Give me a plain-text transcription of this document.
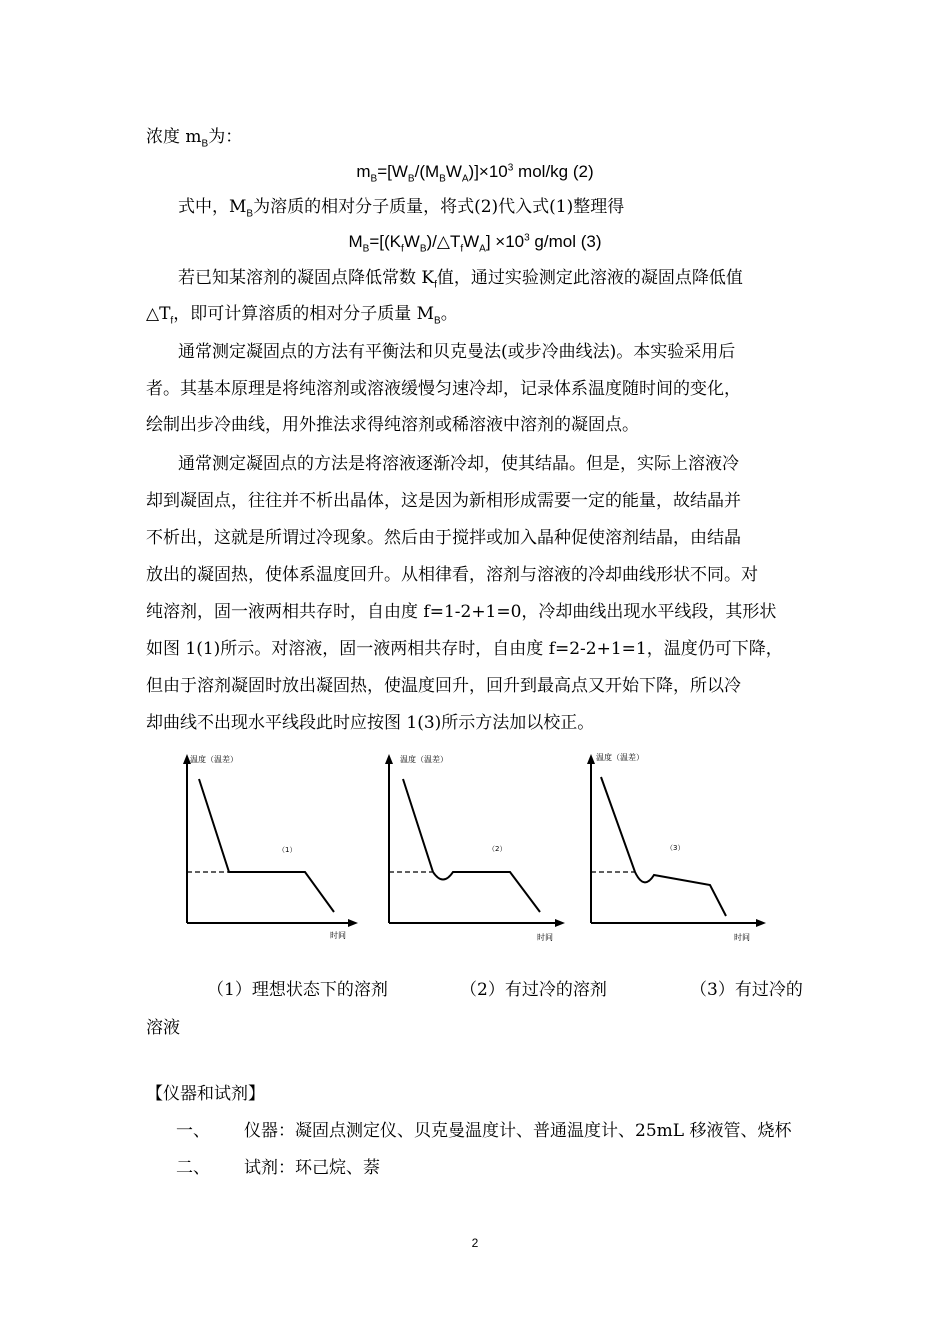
浓度 $m_B$为：
$m_B=[W_B/(M_BW_A)]\times 10^3$ mol/kg (2)
式中，$M_B$为溶质的相对分子质量，将式(2)代入式(1)整理得
$M_B=[(K_fW_B)/\triangle T_fW_A] \times 10^3$ g/mol (3)
若已知某溶剂的凝固点降低常数 $K_f$值，通过实验测定此溶液的凝固点降低值
$\triangle T_f$，即可计算溶质的相对分子质量 $M_B$。
通常测定凝固点的方法有平衡法和贝克曼法(或步冷曲线法)。本实验采用后
者。其基本原理是将纯溶剂或溶液缓慢匀速冷却，记录体系温度随时间的变化，
绘制出步冷曲线，用外推法求得纯溶剂或稀溶液中溶剂的凝固点。
通常测定凝固点的方法是将溶液逐渐冷却，使其结晶。但是，实际上溶液冷
却到凝固点，往往并不析出晶体，这是因为新相形成需要一定的能量，故结晶并
不析出，这就是所谓过冷现象。然后由于搅拌或加入晶种促使溶剂结晶，由结晶
放出的凝固热，使体系温度回升。从相律看，溶剂与溶液的冷却曲线形状不同。对
纯溶剂，固一液两相共存时，自由度 f=1-2+1=0，冷却曲线出现水平线段，其形状
如图 1(1)所示。对溶液，固一液两相共存时，自由度 f=2-2+1=1，温度仍可下降，
但由于溶剂凝固时放出凝固热，使温度回升，回升到最高点又开始下降，所以冷
却曲线不出现水平线段此时应按图 1(3)所示方法加以校正。
温度（温差）
时间
（1）
温度（温差）
时间
（2）
温度（温差）
时间
（3）
（1）理想状态下的溶剂	（2）有过冷的溶剂	（3）有过冷的
溶液
【仪器和试剂】
一、 仪器：凝固点测定仪、贝克曼温度计、普通温度计、25mL 移液管、烧杯
二、 试剂：环己烷、萘
2
